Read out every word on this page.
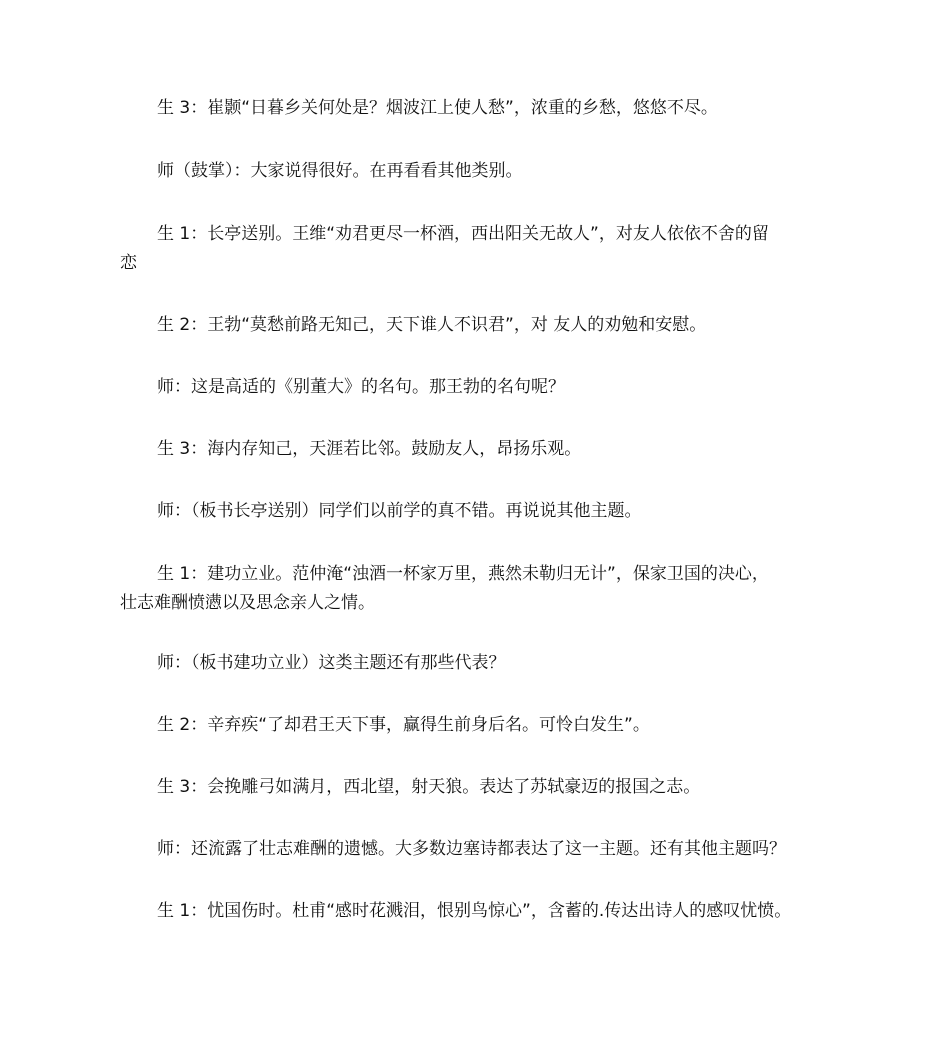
生 3：崔颢“日暮乡关何处是？烟波江上使人愁”，浓重的乡愁，悠悠不尽。

师（鼓掌）：大家说得很好。在再看看其他类别。

生 1：长亭送别。王维“劝君更尽一杯酒，西出阳关无故人”，对友人依依不舍的留
恋

生 2：王勃“莫愁前路无知己，天下谁人不识君”，对 友人的劝勉和安慰。

师：这是高适的《别董大》的名句。那王勃的名句呢？

生 3：海内存知己，天涯若比邻。鼓励友人，昂扬乐观。

师：（板书长亭送别）同学们以前学的真不错。再说说其他主题。

生 1：建功立业。范仲淹“浊酒一杯家万里，燕然未勒归无计”，保家卫国的决心，
壮志难酬愤懑以及思念亲人之情。

师：（板书建功立业）这类主题还有那些代表？

生 2：辛弃疾“了却君王天下事，赢得生前身后名。可怜白发生”。

生 3：会挽雕弓如满月，西北望，射天狼。表达了苏轼豪迈的报国之志。

师：还流露了壮志难酬的遗憾。大多数边塞诗都表达了这一主题。还有其他主题吗？

生 1：忧国伤时。杜甫“感时花溅泪，恨别鸟惊心”，含蓄的.传达出诗人的感叹忧愤。
